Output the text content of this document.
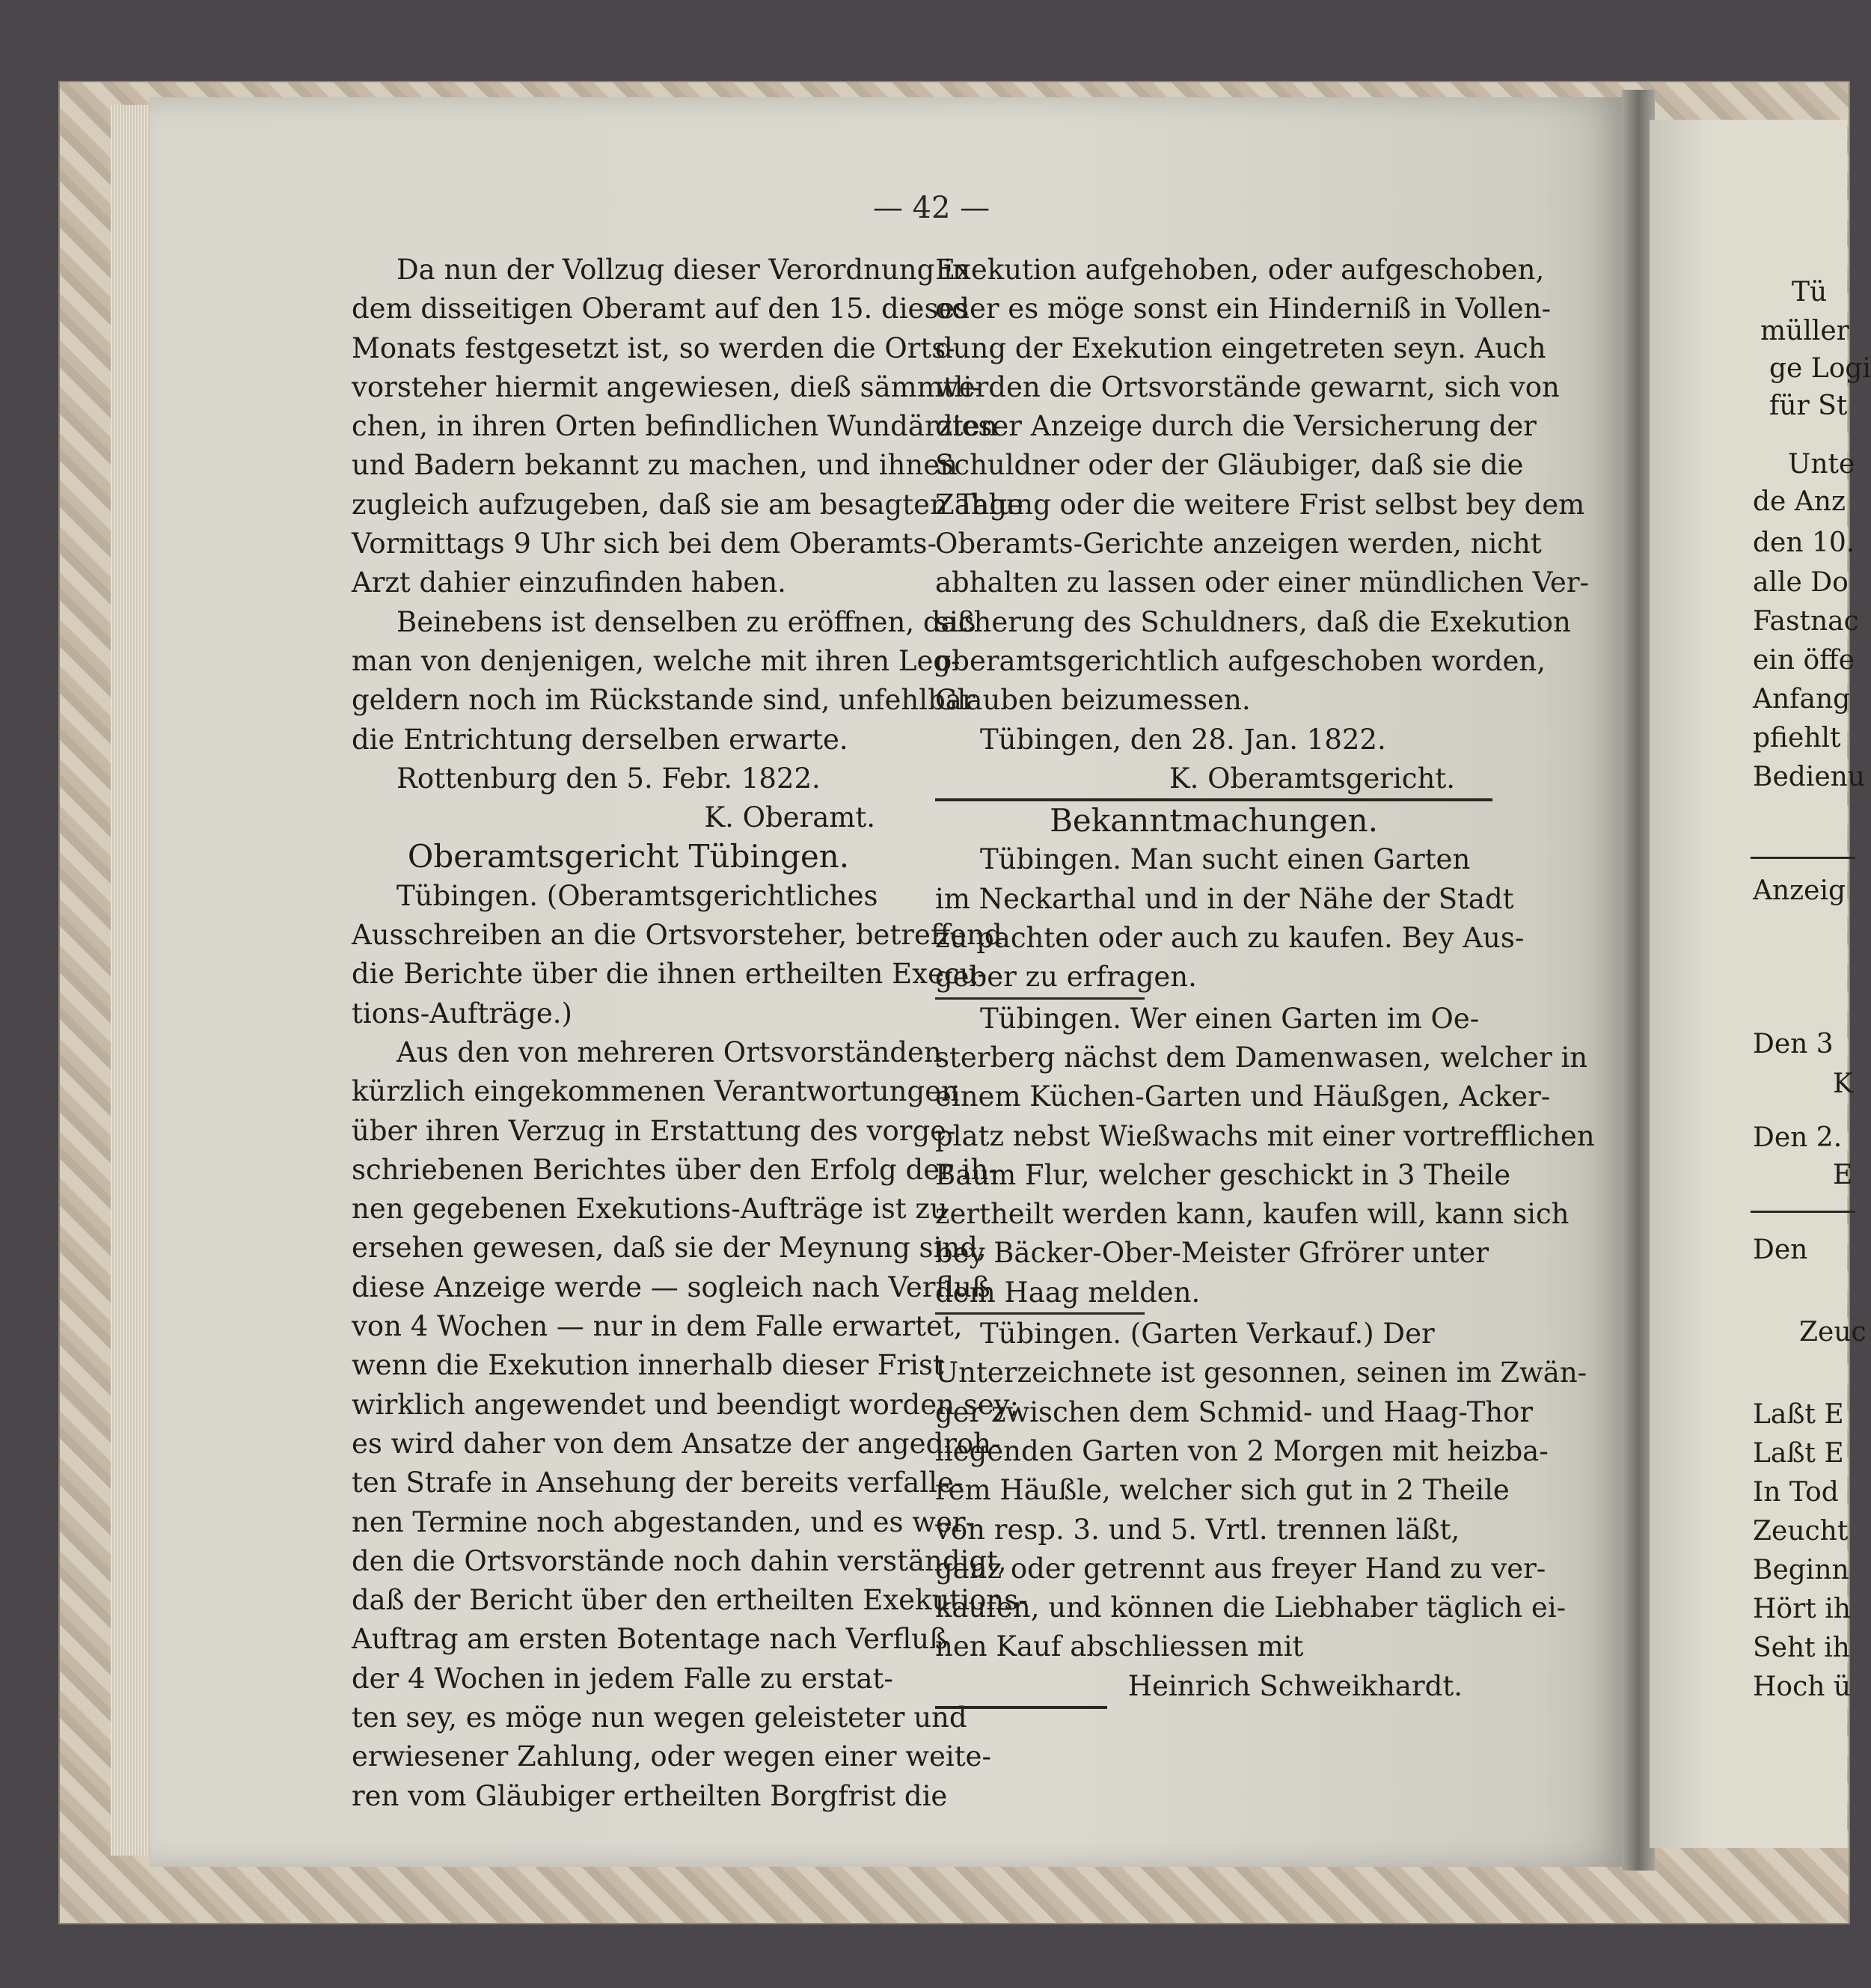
— 42 —
Da nun der Vollzug dieser Verordnung in
dem disseitigen Oberamt auf den 15. dieses
Monats festgesetzt ist, so werden die Orts-
vorsteher hiermit angewiesen, dieß sämmtli-
chen, in ihren Orten befindlichen Wundärzten
und Badern bekannt zu machen, und ihnen
zugleich aufzugeben, daß sie am besagten Tage
Vormittags 9 Uhr sich bei dem Oberamts-
Arzt dahier einzufinden haben.
Beinebens ist denselben zu eröffnen, daß
man von denjenigen, welche mit ihren Leg-
geldern noch im Rückstande sind, unfehlbar
die Entrichtung derselben erwarte.
Rottenburg den 5. Febr. 1822.
K. Oberamt.
Oberamtsgericht Tübingen.
Tübingen. (Oberamtsgerichtliches
Ausschreiben an die Ortsvorsteher, betreffend
die Berichte über die ihnen ertheilten Execu-
tions-Aufträge.)
Aus den von mehreren Ortsvorständen
kürzlich eingekommenen Verantwortungen
über ihren Verzug in Erstattung des vorge-
schriebenen Berichtes über den Erfolg der ih-
nen gegebenen Exekutions-Aufträge ist zu
ersehen gewesen, daß sie der Meynung sind,
diese Anzeige werde — sogleich nach Verfluß
von 4 Wochen — nur in dem Falle erwartet,
wenn die Exekution innerhalb dieser Frist
wirklich angewendet und beendigt worden sey;
es wird daher von dem Ansatze der angedroh-
ten Strafe in Ansehung der bereits verfalle-
nen Termine noch abgestanden, und es wer-
den die Ortsvorstände noch dahin verständigt,
daß der Bericht über den ertheilten Exekutions-
Auftrag am ersten Botentage nach Verfluß
der 4 Wochen in jedem Falle zu erstat-
ten sey, es möge nun wegen geleisteter und
erwiesener Zahlung, oder wegen einer weite-
ren vom Gläubiger ertheilten Borgfrist die
Exekution aufgehoben, oder aufgeschoben,
oder es möge sonst ein Hinderniß in Vollen-
dung der Exekution eingetreten seyn. Auch
werden die Ortsvorstände gewarnt, sich von
dieser Anzeige durch die Versicherung der
Schuldner oder der Gläubiger, daß sie die
Zahlung oder die weitere Frist selbst bey dem
Oberamts-Gerichte anzeigen werden, nicht
abhalten zu lassen oder einer mündlichen Ver-
sicherung des Schuldners, daß die Exekution
oberamtsgerichtlich aufgeschoben worden,
Glauben beizumessen.
Tübingen, den 28. Jan. 1822.
K. Oberamtsgericht.
Bekanntmachungen.
Tübingen. Man sucht einen Garten
im Neckarthal und in der Nähe der Stadt
zu pachten oder auch zu kaufen. Bey Aus-
geber zu erfragen.
Tübingen. Wer einen Garten im Oe-
sterberg nächst dem Damenwasen, welcher in
einem Küchen-Garten und Häußgen, Acker-
platz nebst Wießwachs mit einer vortrefflichen
Baum Flur, welcher geschickt in 3 Theile
zertheilt werden kann, kaufen will, kann sich
bey Bäcker-Ober-Meister Gfrörer unter
dem Haag melden.
Tübingen. (Garten Verkauf.) Der
Unterzeichnete ist gesonnen, seinen im Zwän-
ger zwischen dem Schmid- und Haag-Thor
liegenden Garten von 2 Morgen mit heizba-
rem Häußle, welcher sich gut in 2 Theile
von resp. 3. und 5. Vrtl. trennen läßt,
ganz oder getrennt aus freyer Hand zu ver-
kaufen, und können die Liebhaber täglich ei-
nen Kauf abschliessen mit
Heinrich Schweikhardt.
Tü
müller
ge Logi
für St
Unte
de Anz
den 10.
alle Do
Fastnac
ein öffe
Anfang
pfiehlt
Bedienu
Anzeig
Den 3
K
Den 2.
E
Den
Zeuc
Laßt E
Laßt E
In Tod
Zeucht
Beginn
Hört ih
Seht ih
Hoch ü
